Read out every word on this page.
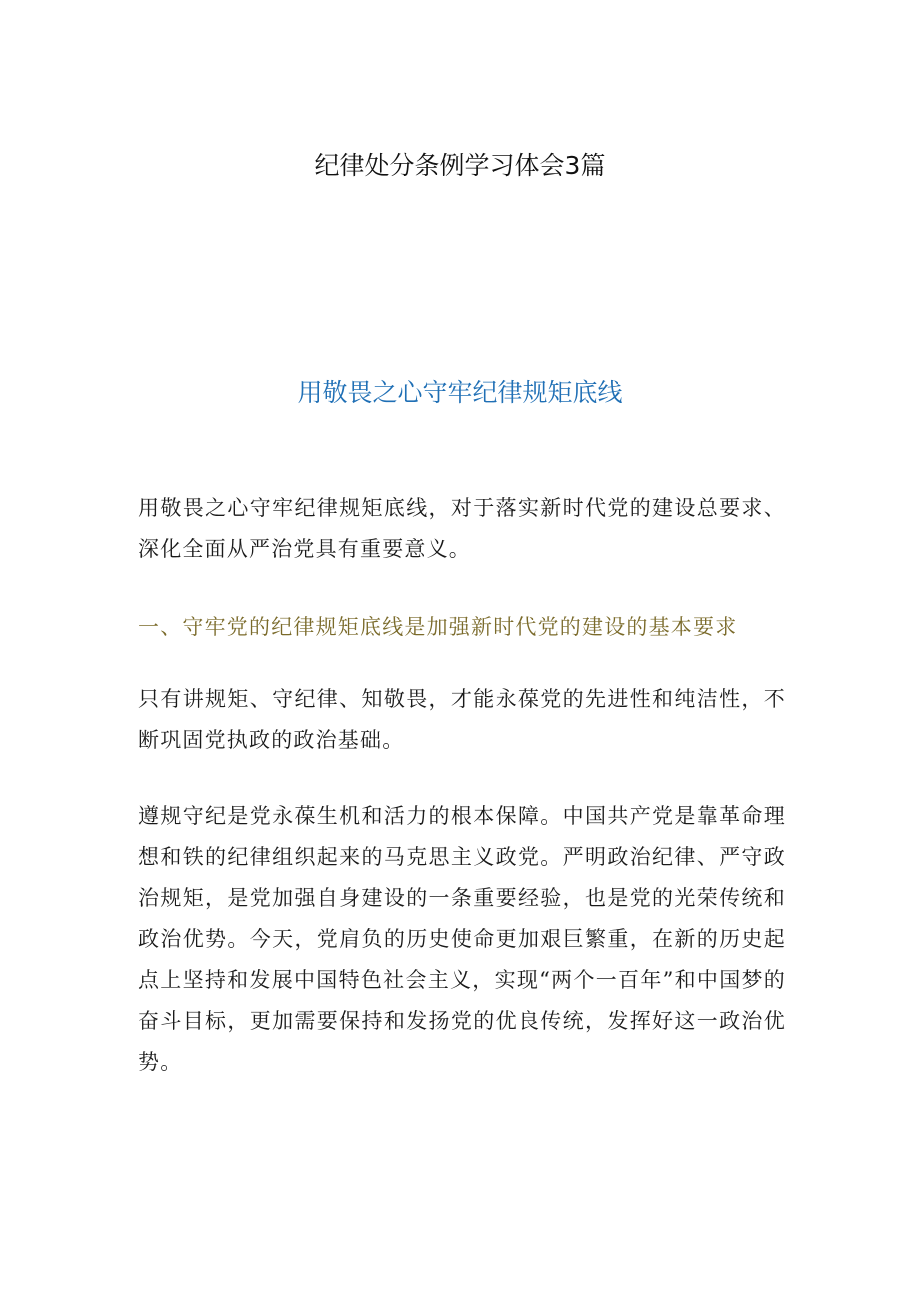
纪律处分条例学习体会3篇
用敬畏之心守牢纪律规矩底线

用敬畏之心守牢纪律规矩底线，对于落实新时代党的建设总要求、深化全面从严治党具有重要意义。

一、守牢党的纪律规矩底线是加强新时代党的建设的基本要求

只有讲规矩、守纪律、知敬畏，才能永葆党的先进性和纯洁性，不断巩固党执政的政治基础。

遵规守纪是党永葆生机和活力的根本保障。中国共产党是靠革命理想和铁的纪律组织起来的马克思主义政党。严明政治纪律、严守政治规矩，是党加强自身建设的一条重要经验，也是党的光荣传统和政治优势。今天，党肩负的历史使命更加艰巨繁重，在新的历史起点上坚持和发展中国特色社会主义，实现“两个一百年”和中国梦的奋斗目标，更加需要保持和发扬党的优良传统，发挥好这一政治优势。
